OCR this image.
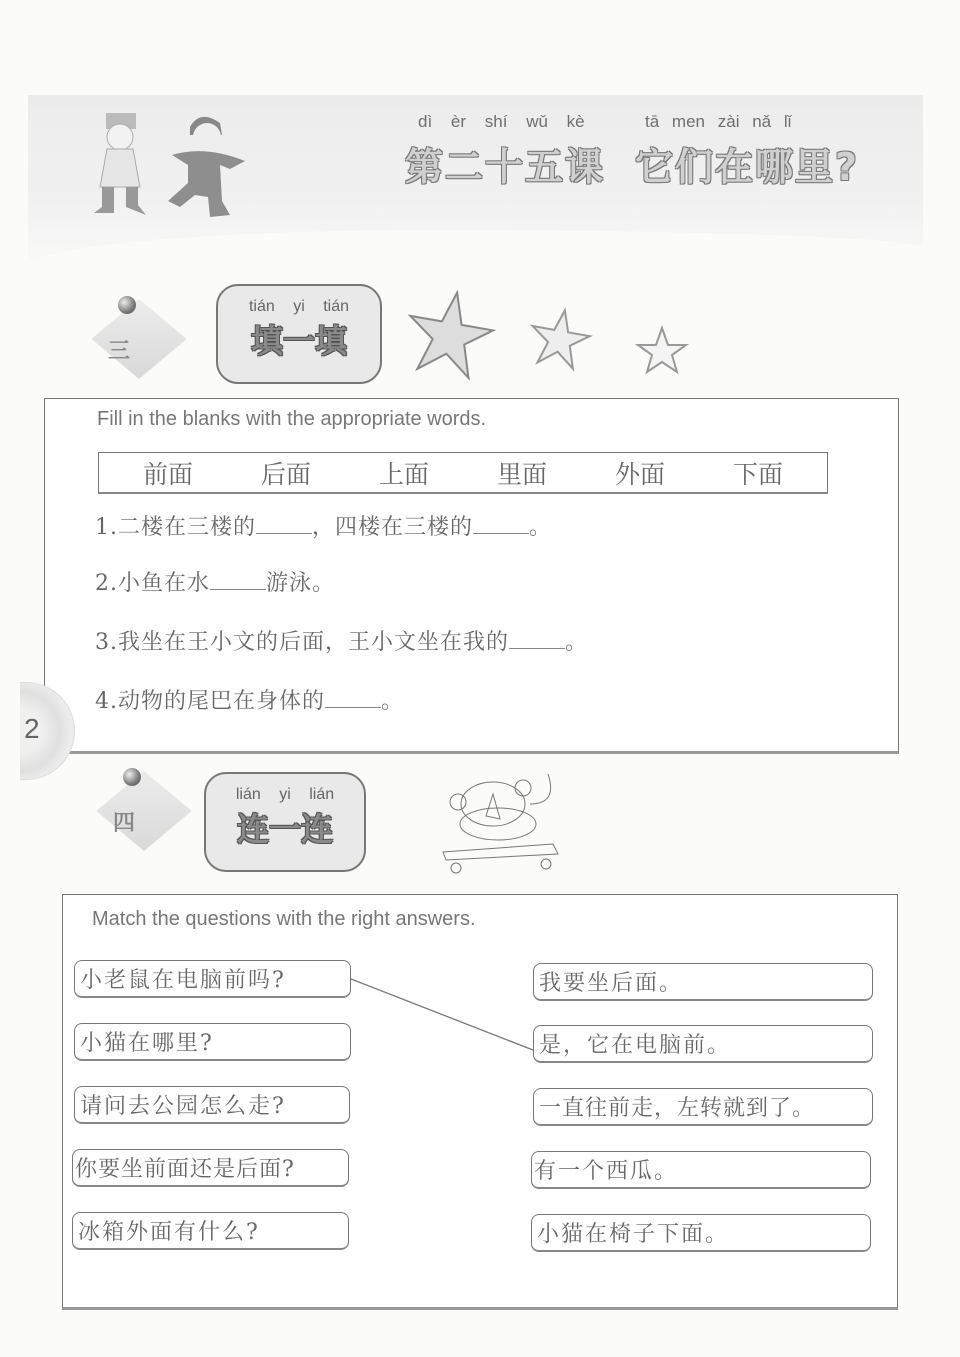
dì èr shí wǔ kè	tā men zài nǎ lǐ
第二十五课 它们在哪里?
三
tián yi tián
填一填
Fill in the blanks with the appropriate words.
前面	后面	上面	里面	外面	下面
1.二楼在三楼的	，四楼在三楼的	。
2.小鱼在水	游泳。
3.我坐在王小文的后面，王小文坐在我的	。
4.动物的尾巴在身体的	。
2
四
lián yi lián
连一连
Match the questions with the right answers.
小老鼠在电脑前吗?
小猫在哪里?
请问去公园怎么走?
你要坐前面还是后面?
冰箱外面有什么?
我要坐后面。
是，它在电脑前。
一直往前走，左转就到了。
有一个西瓜。
小猫在椅子下面。
